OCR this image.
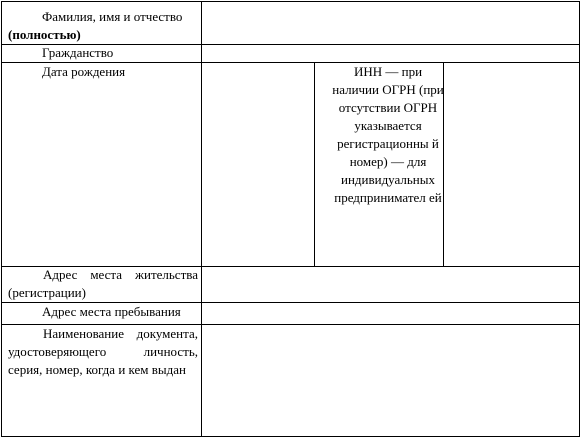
Фамилия, имя и отчество

(полностью)

Гражданство

Дата рождения	ИНН — при наличии ОГРН (при отсутствии ОГРН указывается регистрационны й номер) — для индивидуальных предпринимател ей

Адрес места жительства (регистрации)

Адрес места пребывания

Наименование документа, удостоверяющего личность, серия, номер, когда и кем выдан
